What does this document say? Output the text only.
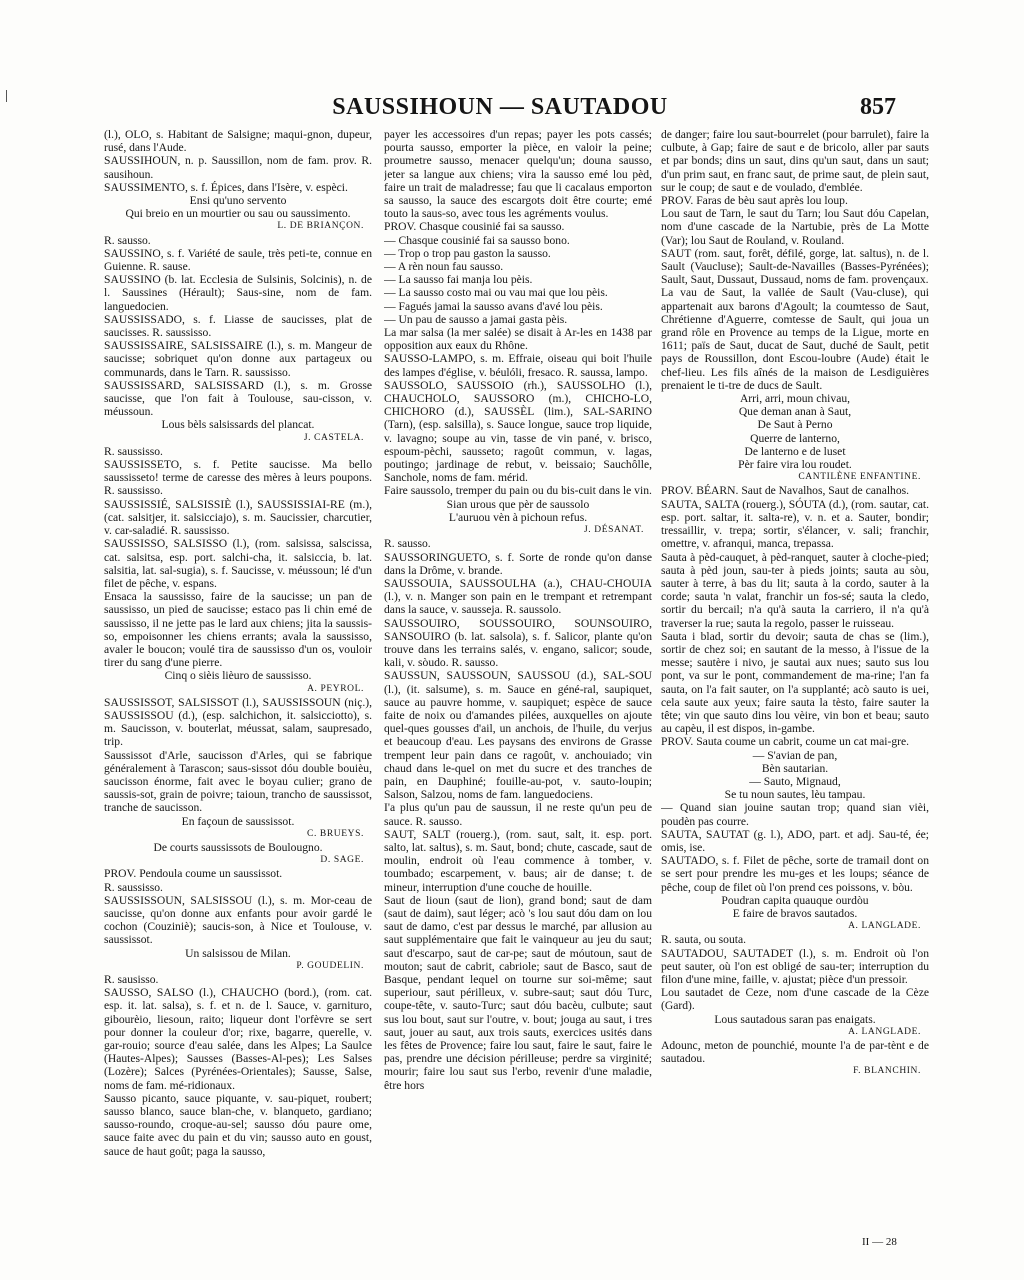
SAUSSIHOUN — SAUTADOU	857
(l.), OLO, s. Habitant de Salsigne; maqui-gnon, dupeur, rusé, dans l'Aude.
SAUSSIHOUN, n. p. Saussillon, nom de fam. prov. R. sausihoun.
SAUSSIMENTO, s. f. Épices, dans l'Isère, v. espèci.
Ensi qu'uno servento
Qui breio en un mourtier ou sau ou saussimento.
L. DE BRIANÇON.
R. sausso.
SAUSSINO, s. f. Variété de saule, très peti-te, connue en Guienne. R. sause.
SAUSSINO (b. lat. Ecclesia de Sulsinis, Solcinis), n. de l. Saussines (Hérault); Saus-sine, nom de fam. languedocien.
SAUSSISSADO, s. f. Liasse de saucisses, plat de saucisses. R. saussisso.
SAUSSISSAIRE, SALSISSAIRE (l.), s. m. Mangeur de saucisse; sobriquet qu'on donne aux partageux ou communards, dans le Tarn. R. saussisso.
SAUSSISSARD, SALSISSARD (l.), s. m. Grosse saucisse, que l'on fait à Toulouse, sau-cisson, v. méussoun.
Lous bèls salsissards del plancat.
J. CASTELA.
R. saussisso.
SAUSSISSETO, s. f. Petite saucisse. Ma bello saussisseto! terme de caresse des mères à leurs poupons. R. saussisso.
SAUSSISSIÉ, SALSISSIÈ (l.), SAUSSISSIAI-RE (m.), (cat. salsitjer, it. salsicciajo), s. m. Saucissier, charcutier, v. car-saladié. R. saussisso.
SAUSSISSO, SALSISSO (l.), (rom. salsissa, salscissa, cat. salsitsa, esp. port. salchi-cha, it. salsiccia, b. lat. salsitia, lat. sal-sugia), s. f. Saucisse, v. méussoun; lé d'un filet de pêche, v. espans.
Ensaca la saussisso, faire de la saucisse; un pan de saussisso, un pied de saucisse; estaco pas li chin emé de saussisso, il ne jette pas le lard aux chiens; jita la saussis-so, empoisonner les chiens errants; avala la saussisso, avaler le boucon; voulé tira de saussisso d'un os, vouloir tirer du sang d'une pierre.
Cinq o sièis lièuro de saussisso.
A. PEYROL.
SAUSSISSOT, SALSISSOT (l.), SAUSSISSOUN (niç.), SAUSSISSOU (d.), (esp. salchichon, it. salsicciotto), s. m. Saucisson, v. bouterlat, méussat, salam, saupresado, trip.
Saussissot d'Arle, saucisson d'Arles, qui se fabrique généralement à Tarascon; saus-sissot dóu double bouièu, saucisson énorme, fait avec le boyau culier; grano de saussis-sot, grain de poivre; taioun, trancho de saussissot, tranche de saucisson.
En façoun de saussissot.
C. BRUEYS.
De courts saussissots de Boulougno.
D. SAGE.
PROV. Pendoula coume un saussissot.
R. saussisso.
SAUSSISSOUN, SALSISSOU (l.), s. m. Mor-ceau de saucisse, qu'on donne aux enfants pour avoir gardé le cochon (Couziniè); saucis-son, à Nice et Toulouse, v. saussissot.
Un salsissou de Milan.
P. GOUDELIN.
R. sausisso.
SAUSSO, SALSO (l.), CHAUCHO (bord.), (rom. cat. esp. it. lat. salsa), s. f. et n. de l. Sauce, v. garnituro, gibourèio, liesoun, raito; liqueur dont l'orfèvre se sert pour donner la couleur d'or; rixe, bagarre, querelle, v. gar-rouio; source d'eau salée, dans les Alpes; La Saulce (Hautes-Alpes); Sausses (Basses-Al-pes); Les Salses (Lozère); Salces (Pyrénées-Orientales); Sausse, Salse, noms de fam. mé-ridionaux.
Sausso picanto, sauce piquante, v. sau-piquet, roubert; sausso blanco, sauce blan-che, v. blanqueto, gardiano; sausso-roundo, croque-au-sel; sausso dóu paure ome, sauce faite avec du pain et du vin; sausso auto en goust, sauce de haut goût; paga la sausso,
payer les accessoires d'un repas; payer les pots cassés; pourta sausso, emporter la pièce, en valoir la peine; proumetre sausso, menacer quelqu'un; douna sausso, jeter sa langue aux chiens; vira la sausso emé lou pèd, faire un trait de maladresse; fau que li cacalaus emporton sa sausso, la sauce des escargots doit être courte; emé touto la saus-so, avec tous les agréments voulus.
PROV. Chasque cousinié fai sa sausso.
— Chasque cousinié fai sa sausso bono.
— Trop o trop pau gaston la sausso.
— A rèn noun fau sausso.
— La sausso fai manja lou pèis.
— La sausso costo mai ou vau mai que lou pèis.
— Fagués jamai la sausso avans d'avé lou pèis.
— Un pau de sausso a jamai gasta pèis.
La mar salsa (la mer salée) se disait à Ar-les en 1438 par opposition aux eaux du Rhône.
SAUSSO-LAMPO, s. m. Effraie, oiseau qui boit l'huile des lampes d'église, v. béulóli, fresaco. R. saussa, lampo.
SAUSSOLO, SAUSSOIO (rh.), SAUSSOLHO (l.), CHAUCHOLO, SAUSSORO (m.), CHICHO-LO, CHICHORO (d.), SAUSSÈL (lim.), SAL-SARINO (Tarn), (esp. salsilla), s. Sauce longue, sauce trop liquide, v. lavagno; soupe au vin, tasse de vin pané, v. brisco, espoum-pèchi, sausseto; ragoût commun, v. lagas, poutingo; jardinage de rebut, v. beissaio; Sauchôlle, Sanchole, noms de fam. mérid.
Faire saussolo, tremper du pain ou du bis-cuit dans le vin.
Sian urous que pèr de saussolo
L'auruou vèn à pichoun refus.
J. DÉSANAT.
R. sausso.
SAUSSORINGUETO, s. f. Sorte de ronde qu'on danse dans la Drôme, v. brande.
SAUSSOUIA, SAUSSOULHA (a.), CHAU-CHOUIA (l.), v. n. Manger son pain en le trempant et retrempant dans la sauce, v. sausseja. R. saussolo.
SAUSSOUIRO, SOUSSOUIRO, SOUNSOUIRO, SANSOUIRO (b. lat. salsola), s. f. Salicor, plante qu'on trouve dans les terrains salés, v. engano, salicor; soude, kali, v. sòudo. R. sausso.
SAUSSUN, SAUSSOUN, SAUSSOU (d.), SAL-SOU (l.), (it. salsume), s. m. Sauce en géné-ral, saupiquet, sauce au pauvre homme, v. saupiquet; espèce de sauce faite de noix ou d'amandes pilées, auxquelles on ajoute quel-ques gousses d'ail, un anchois, de l'huile, du verjus et beaucoup d'eau. Les paysans des environs de Grasse trempent leur pain dans ce ragoût, v. anchouiado; vin chaud dans le-quel on met du sucre et des tranches de pain, en Dauphiné; fouille-au-pot, v. sauto-loupin; Salson, Salzou, noms de fam. languedociens.
I'a plus qu'un pau de saussun, il ne reste qu'un peu de sauce. R. sausso.
SAUT, SALT (rouerg.), (rom. saut, salt, it. esp. port. salto, lat. saltus), s. m. Saut, bond; chute, cascade, saut de moulin, endroit où l'eau commence à tomber, v. toumbado; escarpement, v. baus; air de danse; t. de mineur, interruption d'une couche de houille.
Saut de lioun (saut de lion), grand bond; saut de dam (saut de daim), saut léger; acò 's lou saut dóu dam on lou saut de damo, c'est par dessus le marché, par allusion au saut supplémentaire que fait le vainqueur au jeu du saut; saut d'escarpo, saut de car-pe; saut de móutoun, saut de mouton; saut de cabrit, cabriole; saut de Basco, saut de Basque, pendant lequel on tourne sur soi-même; saut superiour, saut périlleux, v. subre-saut; saut dóu Turc, coupe-tête, v. sauto-Turc; saut dóu bacèu, culbute; saut sus lou bout, saut sur l'outre, v. bout; jouga au saut, i tres saut, jouer au saut, aux trois sauts, exercices usités dans les fêtes de Provence; faire lou saut, faire le saut, faire le pas, prendre une décision périlleuse; perdre sa virginité; mourir; faire lou saut sus l'erbo, revenir d'une maladie, être hors
de danger; faire lou saut-bourrelet (pour barrulet), faire la culbute, à Gap; faire de saut e de bricolo, aller par sauts et par bonds; dins un saut, dins qu'un saut, dans un saut; d'un prim saut, en franc saut, de prime saut, de plein saut, sur le coup; de saut e de voulado, d'emblée.
PROV. Faras de bèu saut après lou loup.
Lou saut de Tarn, le saut du Tarn; lou Saut dóu Capelan, nom d'une cascade de la Nartubie, près de La Motte (Var); lou Saut de Rouland, v. Rouland.
SAUT (rom. saut, forêt, défilé, gorge, lat. saltus), n. de l. Sault (Vaucluse); Sault-de-Navailles (Basses-Pyrénées); Sault, Saut, Dussaut, Dussaud, noms de fam. provençaux.
La vau de Saut, la vallée de Sault (Vau-cluse), qui appartenait aux barons d'Agoult; la coumtesso de Saut, Chrétienne d'Aguerre, comtesse de Sault, qui joua un grand rôle en Provence au temps de la Ligue, morte en 1611; païs de Saut, ducat de Saut, duché de Sault, petit pays de Roussillon, dont Escou-loubre (Aude) était le chef-lieu. Les fils aînés de la maison de Lesdiguières prenaient le ti-tre de ducs de Sault.
Arri, arri, moun chivau,
Que deman anan à Saut,
De Saut à Perno
Querre de lanterno,
De lanterno e de luset
Pèr faire vira lou roudet.
CANTILÈNE ENFANTINE.
PROV. BÉARN. Saut de Navalhos, Saut de canalhos.
SAUTA, SALTA (rouerg.), SÓUTA (d.), (rom. sautar, cat. esp. port. saltar, it. salta-re), v. n. et a. Sauter, bondir; tressaillir, v. trepa; sortir, s'élancer, v. sali; franchir, omettre, v. afranqui, manca, trepassa.
Sauta à pèd-cauquet, à pèd-ranquet, sauter à cloche-pied; sauta à pèd joun, sau-ter à pieds joints; sauta au sòu, sauter à terre, à bas du lit; sauta à la cordo, sauter à la corde; sauta 'n valat, franchir un fos-sé; sauta la cledo, sortir du bercail; n'a qu'à sauta la carriero, il n'a qu'à traverser la rue; sauta la regolo, passer le ruisseau.
Sauta i blad, sortir du devoir; sauta de chas se (lim.), sortir de chez soi; en sautant de la messo, à l'issue de la messe; sautère i nivo, je sautai aux nues; sauto sus lou pont, va sur le pont, commandement de ma-rine; l'an fa sauta, on l'a fait sauter, on l'a supplanté; acò sauto is uei, cela saute aux yeux; faire sauta la tèsto, faire sauter la tête; vin que sauto dins lou vèire, vin bon et beau; sauto au capèu, il est dispos, in-gambe.
PROV. Sauta coume un cabrit, coume un cat mai-gre.
— S'avian de pan,
Bèn sautarian.
— Sauto, Mignaud,
Se tu noun sautes, lèu tampau.
— Quand sian jouine sautan trop; quand sian vièi, poudèn pas courre.
SAUTA, SAUTAT (g. l.), ADO, part. et adj. Sau-té, ée; omis, ise.
SAUTADO, s. f. Filet de pêche, sorte de tramail dont on se sert pour prendre les mu-ges et les loups; séance de pêche, coup de filet où l'on prend ces poissons, v. bòu.
Poudran capita quauque ourdòu
E faire de bravos sautados.
A. LANGLADE.
R. sauta, ou souta.
SAUTADOU, SAUTADET (l.), s. m. Endroit où l'on peut sauter, où l'on est obligé de sau-ter; interruption du filon d'une mine, faille, v. ajustat; pièce d'un pressoir.
Lou sautadet de Ceze, nom d'une cascade de la Cèze (Gard).
Lous sautadous saran pas enaigats.
A. LANGLADE.
Adounc, meton de pounchié, mounte l'a de par-tènt e de sautadou.
F. BLANCHIN.
II — 28
